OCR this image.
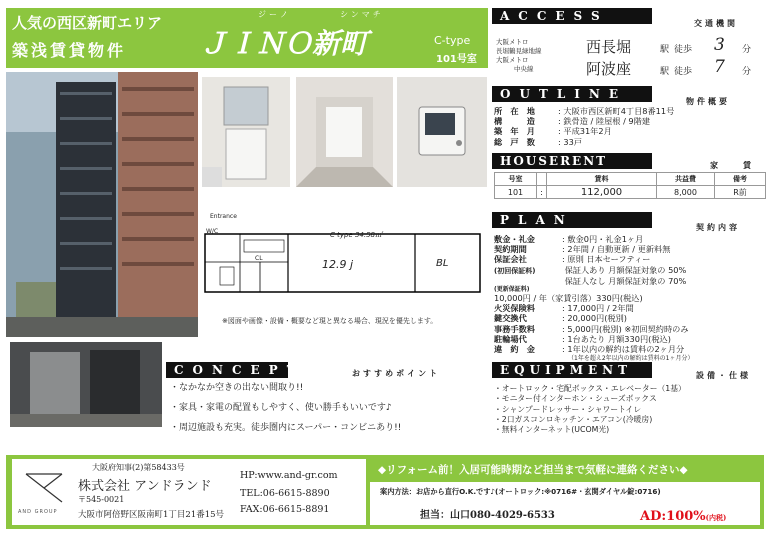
人気の西区新町エリア
築浅賃貸物件
ジーノ	シンマチ
ＪＩＮＯ新町	C-type
101号室
Entrance
C type 34.58㎡
12.9 j	BL
CL
W/C
※図面や画像・設備・概要など現と異なる場合、現況を優先します。
CONCEPT	おすすめポイント
・なかなか空きの出ない間取り!!
・家具・家電の配置もしやすく、使い勝手もいいです♪
・周辺施設も充実。徒歩圏内にスーパー・コンビニあり!!
ACCESS
交通機関
大阪メトロ
長堀鶴見緑地線
大阪メトロ
中央線
西長堀	駅 徒歩 3 分
阿波座	駅 徒歩 7 分
OUTLINE
物件概要
所　在　地	: 大阪市西区新町4丁目8番11号
構　　　造	: 鉄骨造 / 陸屋根 / 9階建
築　年　月	: 平成31年2月
総　戸　数	: 33戸
HOUSERENT	家　　賃
号室		賃料	共益費	備考
101	:	112,000	8,000	R前
PLAN
契約内容
敷金・礼金	: 敷金0円・礼金1ヶ月
契約期間	: 2年間 / 自動更新 / 更新料無
保証会社	: 原則 日本セーフティー
(初回保証料)	保証人あり 月額保証対象の 50%
保証人なし 月額保証対象の 70%
(更新保証料)
10,000円 / 年（家賃引落）330円(税込)
火災保険料	: 17,000円 / 2年間
鍵交換代	: 20,000円(税別)
事務手数料	: 5,000円(税別) ※初回契約時のみ
駐輪場代	: 1台あたり 月額330円(税込)
違　約　金	: 1年以内の解約は賃料の2ヶ月分
（1年を超え2年以内の解約は賃料の1ヶ月分）
EQUIPMENT	設備・仕様
・オートロック・宅配ボックス・エレベーター（1基）
・モニター付インターホン・シューズボックス
・シャンプードレッサー・シャワートイレ
・2口ガスコンロキッチン・エアコン(冷暖房)
・無料インターネット(UCOM光)
AND GROUP
大阪府知事(2)第58433号
株式会社 アンドランド
〒545-0021
大阪市阿倍野区阪南町1丁目21番15号
HP:www.and-gr.com
TEL:06-6615-8890
FAX:06-6615-8891
◆リフォーム前！入居可能時期など担当まで気軽に連絡ください◆
案内方法：お店から直行O.K.です♪(オートロック:※0716#・玄関ダイヤル錠:0716)
担当：山口080-4029-6533	AD:100%(内税)
